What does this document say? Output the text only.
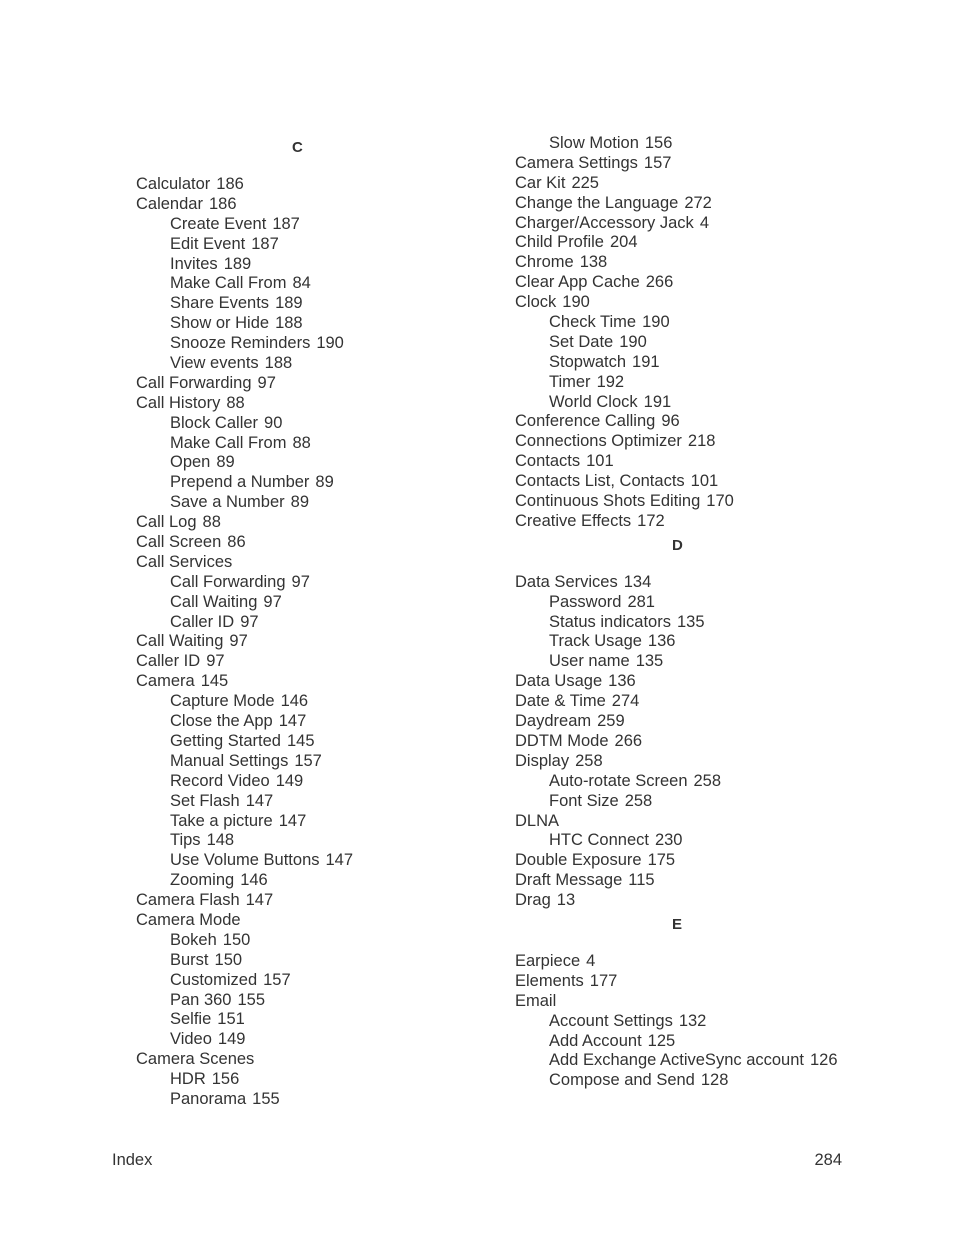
C
Calculator 186
Calendar 186
Create Event 187
Edit Event 187
Invites 189
Make Call From 84
Share Events 189
Show or Hide 188
Snooze Reminders 190
View events 188
Call Forwarding 97
Call History 88
Block Caller 90
Make Call From 88
Open 89
Prepend a Number 89
Save a Number 89
Call Log 88
Call Screen 86
Call Services
Call Forwarding 97
Call Waiting 97
Caller ID 97
Call Waiting 97
Caller ID 97
Camera 145
Capture Mode 146
Close the App 147
Getting Started 145
Manual Settings 157
Record Video 149
Set Flash 147
Take a picture 147
Tips 148
Use Volume Buttons 147
Zooming 146
Camera Flash 147
Camera Mode
Bokeh 150
Burst 150
Customized 157
Pan 360 155
Selfie 151
Video 149
Camera Scenes
HDR 156
Panorama 155
Slow Motion 156
Camera Settings 157
Car Kit 225
Change the Language 272
Charger/Accessory Jack 4
Child Profile 204
Chrome 138
Clear App Cache 266
Clock 190
Check Time 190
Set Date 190
Stopwatch 191
Timer 192
World Clock 191
Conference Calling 96
Connections Optimizer 218
Contacts 101
Contacts List, Contacts 101
Continuous Shots Editing 170
Creative Effects 172
D
Data Services 134
Password 281
Status indicators 135
Track Usage 136
User name 135
Data Usage 136
Date & Time 274
Daydream 259
DDTM Mode 266
Display 258
Auto-rotate Screen 258
Font Size 258
DLNA
HTC Connect 230
Double Exposure 175
Draft Message 115
Drag 13
E
Earpiece 4
Elements 177
Email
Account Settings 132
Add Account 125
Add Exchange ActiveSync account 126
Compose and Send 128
Index	284
